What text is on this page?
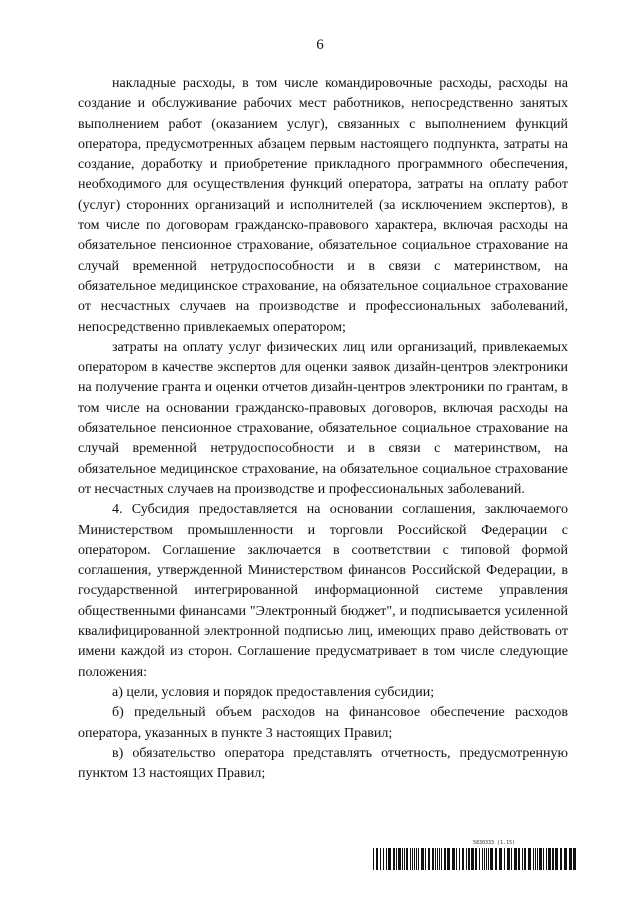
6

накладные расходы, в том числе командировочные расходы, расходы на создание и обслуживание рабочих мест работников, непосредственно занятых выполнением работ (оказанием услуг), связанных с выполнением функций оператора, предусмотренных абзацем первым настоящего подпункта, затраты на создание, доработку и приобретение прикладного программного обеспечения, необходимого для осуществления функций оператора, затраты на оплату работ (услуг) сторонних организаций и исполнителей (за исключением экспертов), в том числе по договорам гражданско-правового характера, включая расходы на обязательное пенсионное страхование, обязательное социальное страхование на случай временной нетрудоспособности и в связи с материнством, на обязательное медицинское страхование, на обязательное социальное страхование от несчастных случаев на производстве и профессиональных заболеваний, непосредственно привлекаемых оператором;

затраты на оплату услуг физических лиц или организаций, привлекаемых оператором в качестве экспертов для оценки заявок дизайн-центров электроники на получение гранта и оценки отчетов дизайн-центров электроники по грантам, в том числе на основании гражданско-правовых договоров, включая расходы на обязательное пенсионное страхование, обязательное социальное страхование на случай временной нетрудоспособности и в связи с материнством, на обязательное медицинское страхование, на обязательное социальное страхование от несчастных случаев на производстве и профессиональных заболеваний.

4. Субсидия предоставляется на основании соглашения, заключаемого Министерством промышленности и торговли Российской Федерации с оператором. Соглашение заключается в соответствии с типовой формой соглашения, утвержденной Министерством финансов Российской Федерации, в государственной интегрированной информационной системе управления общественными финансами "Электронный бюджет", и подписывается усиленной квалифицированной электронной подписью лиц, имеющих право действовать от имени каждой из сторон. Соглашение предусматривает в том числе следующие положения:

а) цели, условия и порядок предоставления субсидии;

б) предельный объем расходов на финансовое обеспечение расходов оператора, указанных в пункте 3 настоящих Правил;

в) обязательство оператора представлять отчетность, предусмотренную пунктом 13 настоящих Правил;

5830333 (1.15)
